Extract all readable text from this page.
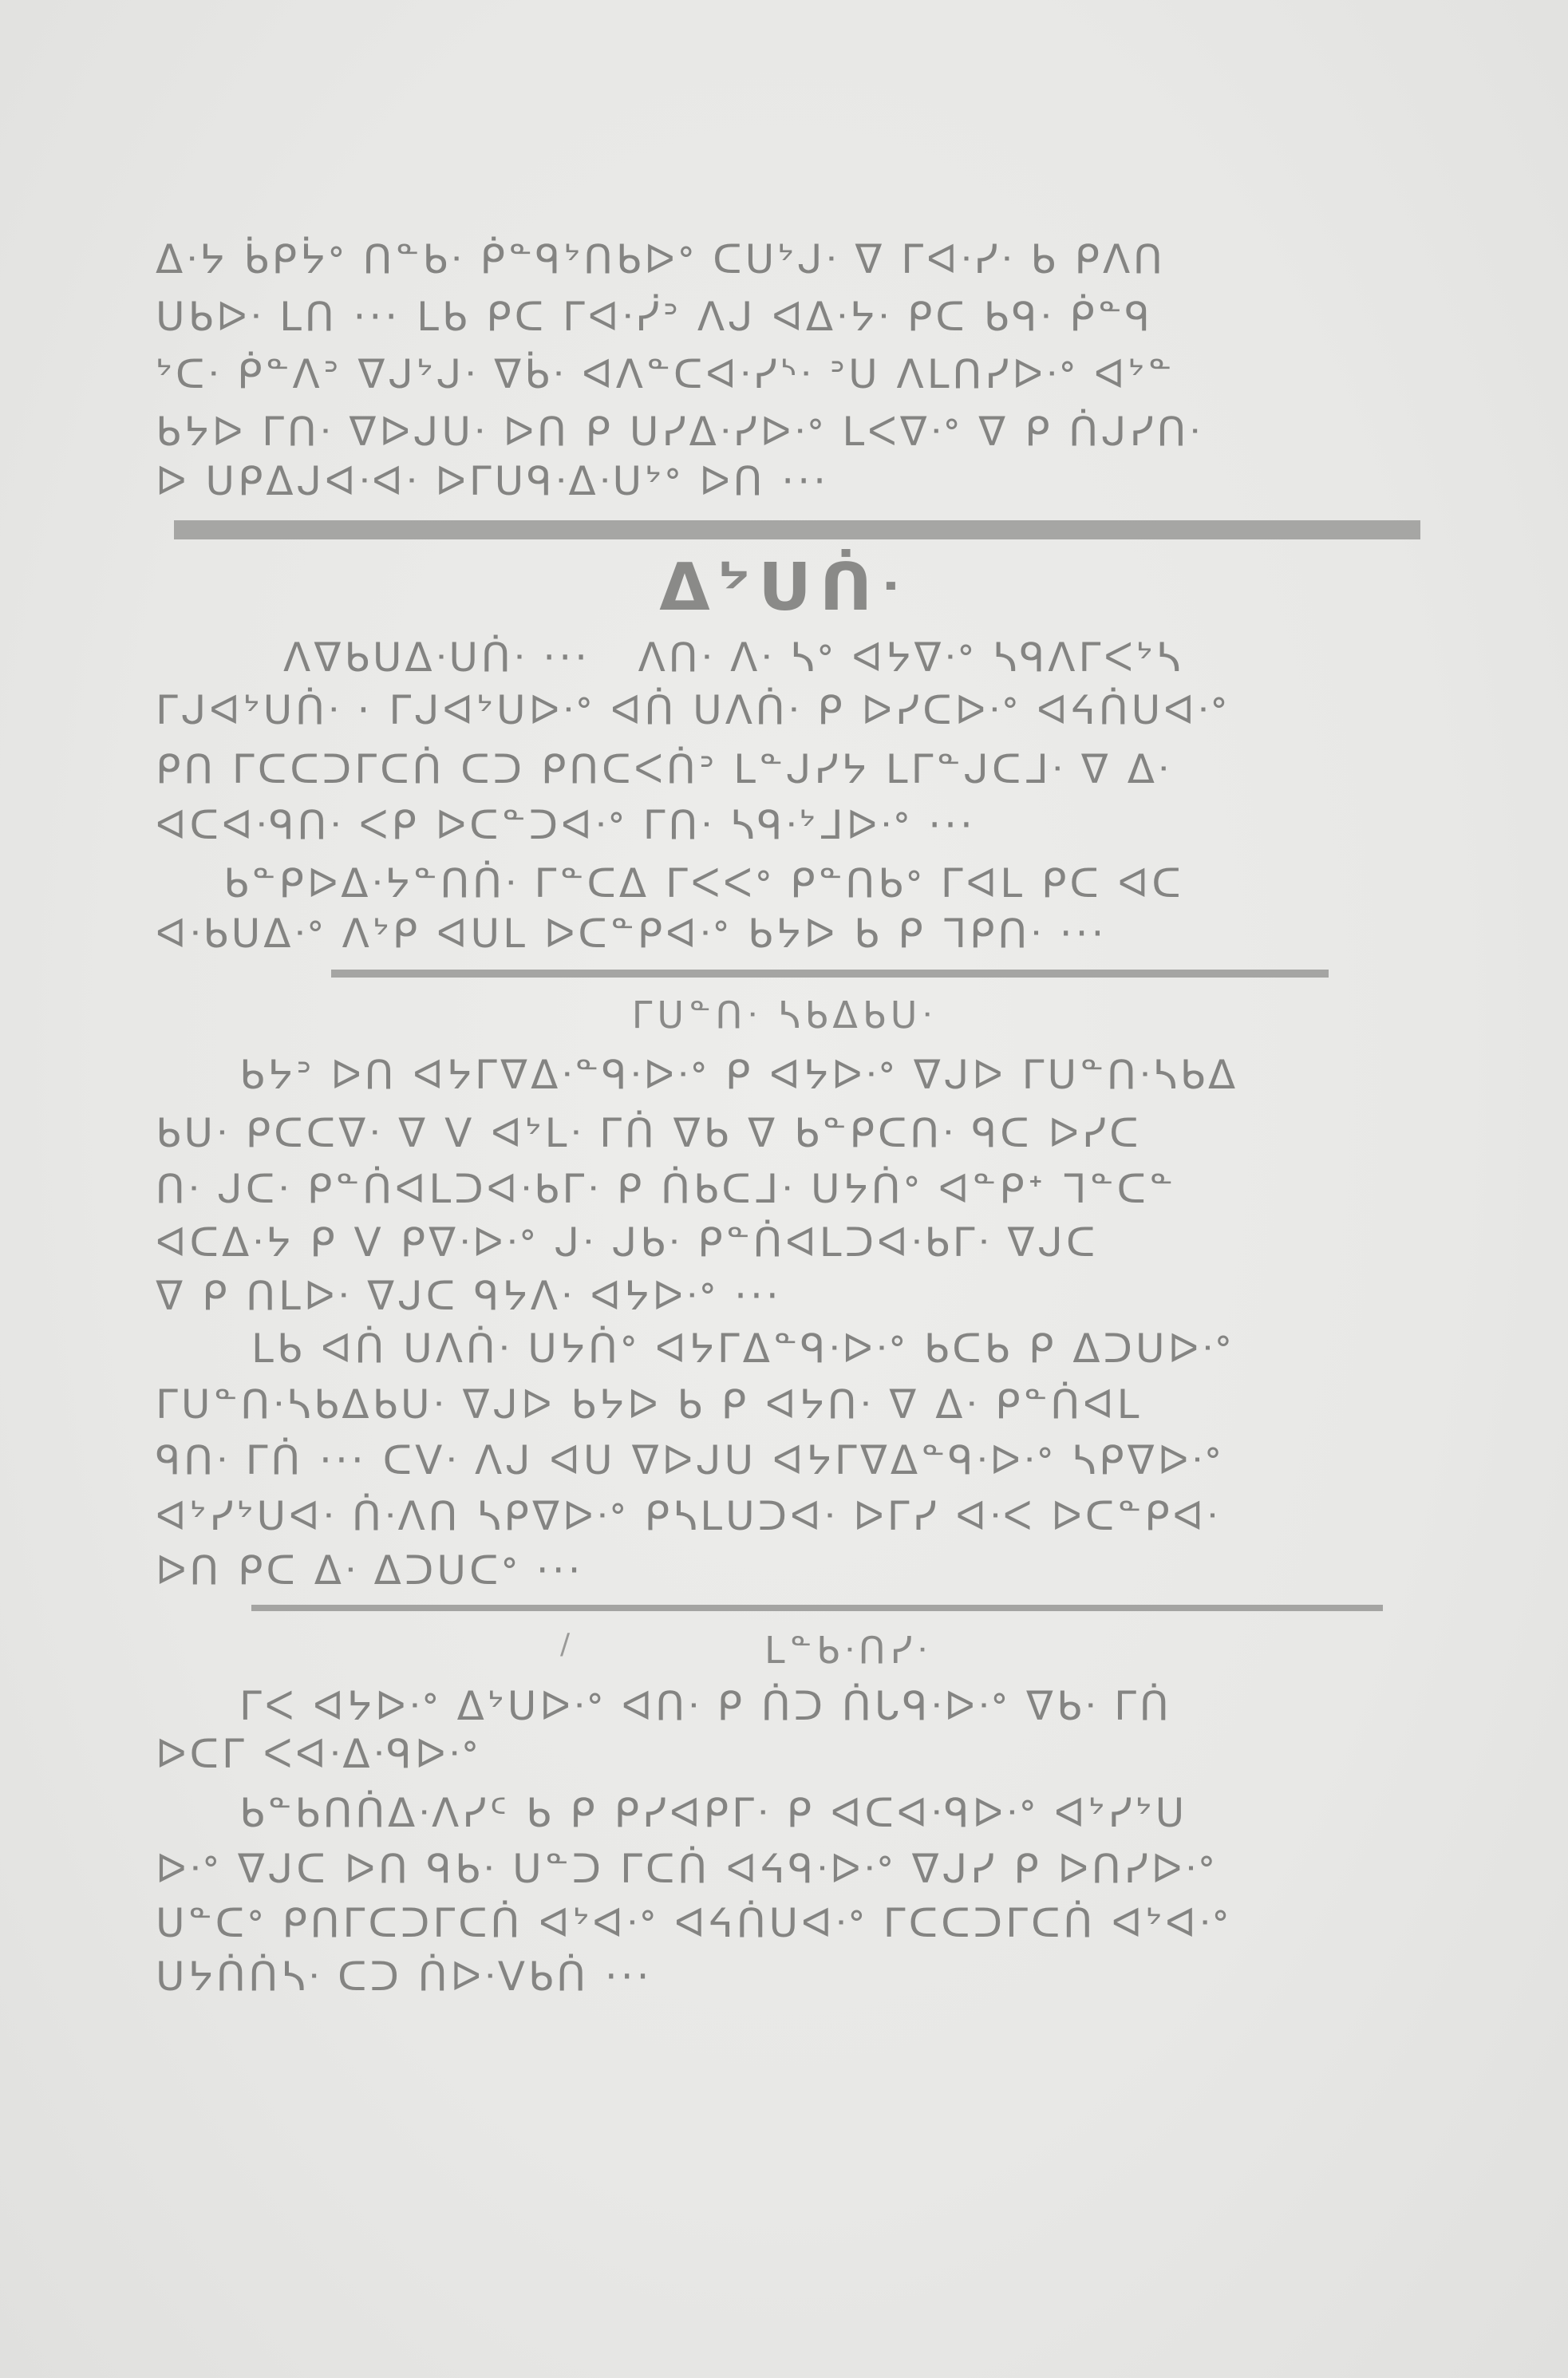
ᐃᐧᔭ ᑳᑭᔮᐤ ᑎᓐᑲᐧ ᑮᓐᑫᔾᑎᑲᐅᐤ ᑕᑌᔾᒍᐧ ᐁ ᒥᐊᐧᓯᐧ ᑲ ᑭᐱᑎ
ᑌᑲᐅᐧ ᒪᑎ ··· ᒪᑲ ᑭᑕ ᒥᐊᐧᓰᐣ ᐱᒍ ᐊᐃᐧᔭᐧ ᑭᑕ ᑲᑫᐧ ᑮᓐᑫ
ᔾᑕᐧ ᑮᓐᐱᐣ ᐁᒍᔾᒍᐧ ᐁᑳᐧ ᐊᐱᓐᑕᐊᐧᓯᔅᐧ ᐣᑌ ᐱᒪᑎᓯᐅᐧᐤ ᐊᔾᓐ
ᑲᔭᐅ ᒥᑎᐧ ᐁᐅᒍᑌᐧ ᐅᑎ ᑭ ᑌᓯᐃᐧᓯᐅᐧᐤ ᒪᐸᐁᐧᐤ ᐁ ᑭ ᑏᒍᓯᑎᐧ
ᐅ ᑌᑭᐃᒍᐊᐧᐊᐧ ᐅᒥᑌᑫᐧᐃᐧᑌᔾᐤ ᐅᑎ ···
ᐃᔾᑌᑏᐧ
ᐱᐁᑲᑌᐃᐧᑌᑏᐧ ···   ᐱᑎᐧ ᐱᐧ ᓴᐤ ᐊᔭᐁᐧᐤ ᓴᑫᐱᒥᐸᔾᓴ
ᒥᒍᐊᔾᑌᑏᐧ · ᒥᒍᐊᔾᑌᐅᐧᐤ ᐊᑏ ᑌᐱᑏᐧ ᑭ ᐅᓯᑕᐅᐧᐤ ᐊᔦᑏᑌᐊᐧᐤ
ᑭᑎ ᒥᑕᑕᑐᒥᑕᑏ ᑕᑐ ᑭᑎᑕᐸᑏᐣ ᒪᓐᒍᓯᔭ ᒪᒥᓐᒍᑕᒧᐧ ᐁ ᐃᐧ
ᐊᑕᐊᐧᑫᑎᐧ ᐸᑭ ᐅᑕᓐᑐᐊᐧᐤ ᒥᑎᐧ ᓴᑫᐧᔾᒧᐅᐧᐤ ···
ᑲᓐᑭᐅᐃᐧᔭᓐᑎᑏᐧ ᒥᓐᑕᐃ ᒥᐸᐸᐤ ᑭᓐᑎᑲᐤ ᒥᐊᒪ ᑭᑕ ᐊᑕ
ᐊᐧᑲᑌᐃᐧᐤ ᐱᔾᑭ ᐊᑌᒪ ᐅᑕᓐᑭᐊᐧᐤ ᑲᔭᐅ ᑲ ᑭ ᒣᑭᑎᐧ ···
ᒥᑌᓐᑎᐧ ᓴᑲᐃᑲᑌᐧ
ᑲᔭᐣ ᐅᑎ ᐊᔭᒥᐁᐃᐧᓐᑫᐧᐅᐧᐤ ᑭ ᐊᔭᐅᐧᐤ ᐁᒍᐅ ᒥᑌᓐᑎᐧᓴᑲᐃ
ᑲᑌᐧ ᑭᑕᑕᐁᐧ ᐁ ᐯ ᐊᔾᒪᐧ ᒥᑏ ᐁᑲ ᐁ ᑲᓐᑭᑕᑎᐧ ᑫᑕ ᐅᓯᑕ
ᑎᐧ ᒍᑕᐧ ᑭᓐᑏᐊᒪᑐᐊᐧᑲᒥᐧ ᑭ ᑏᑲᑕᒧᐧ ᑌᔭᑏᐤ ᐊᓐᑭᐩ ᒣᓐᑕᓐ
ᐊᑕᐃᐧᔭ ᑭ ᐯ ᑭᐁᐧᐅᐧᐤ ᒍᐧ ᒍᑲᐧ ᑭᓐᑏᐊᒪᑐᐊᐧᑲᒥᐧ ᐁᒍᑕ
ᐁ ᑭ ᑎᒪᐅᐧ ᐁᒍᑕ ᑫᔭᐱᐧ ᐊᔭᐅᐧᐤ ···
ᒪᑲ ᐊᑏ ᑌᐱᑏᐧ ᑌᔭᑏᐤ ᐊᔭᒥᐃᓐᑫᐧᐅᐧᐤ ᑲᑕᑲ ᑭ ᐃᑐᑌᐅᐧᐤ
ᒥᑌᓐᑎᐧᓴᑲᐃᑲᑌᐧ ᐁᒍᐅ ᑲᔭᐅ ᑲ ᑭ ᐊᔭᑎᐧ ᐁ ᐃᐧ ᑭᓐᑏᐊᒪ
ᑫᑎᐧ ᒥᑏ ··· ᑕᐯᐧ ᐱᒍ ᐊᑌ ᐁᐅᒍᑌ ᐊᔭᒥᐁᐃᓐᑫᐧᐅᐧᐤ ᓴᑭᐁᐅᐧᐤ
ᐊᔾᓯᔾᑌᐊᐧ ᑏᐧᐱᑎ ᓴᑭᐁᐅᐧᐤ ᑭᓴᒪᑌᑐᐊᐧ ᐅᒥᓯ ᐊᐧᐸ ᐅᑕᓐᑭᐊᐧ
ᐅᑎ ᑭᑕ ᐃᐧ ᐃᑐᑌᑕᐤ ···
/	ᒪᓐᑲᐧᑎᓯᐧ
ᒥᐸ ᐊᔭᐅᐧᐤ ᐃᔾᑌᐅᐧᐤ ᐊᑎᐧ ᑭ ᑏᑐ ᑏᒐᑫᐧᐅᐧᐤ ᐁᑲᐧ ᒥᑏ
ᐅᑕᒥ ᐸᐊᐧᐃᐧᑫᐅᐧᐤ
ᑲᓐᑲᑎᑏᐃᐧᐱᓯᑦ ᑲ ᑭ ᑭᓯᐊᑭᒥᐧ ᑭ ᐊᑕᐊᐧᑫᐅᐧᐤ ᐊᔾᓯᔾᑌ
ᐅᐧᐤ ᐁᒍᑕ ᐅᑎ ᑫᑲᐧ ᑌᓐᑐ ᒥᑕᑏ ᐊᔦᑫᐧᐅᐧᐤ ᐁᒍᓯ ᑭ ᐅᑎᓯᐅᐧᐤ
ᑌᓐᑕᐤ ᑭᑎᒥᑕᑐᒥᑕᑏ ᐊᔾᐊᐧᐤ ᐊᔦᑏᑌᐊᐧᐤ ᒥᑕᑕᑐᒥᑕᑏ ᐊᔾᐊᐧᐤ
ᑌᔭᑏᑏᓴᐧ ᑕᑐ ᑏᐅᐧᐯᑲᑏ ···
